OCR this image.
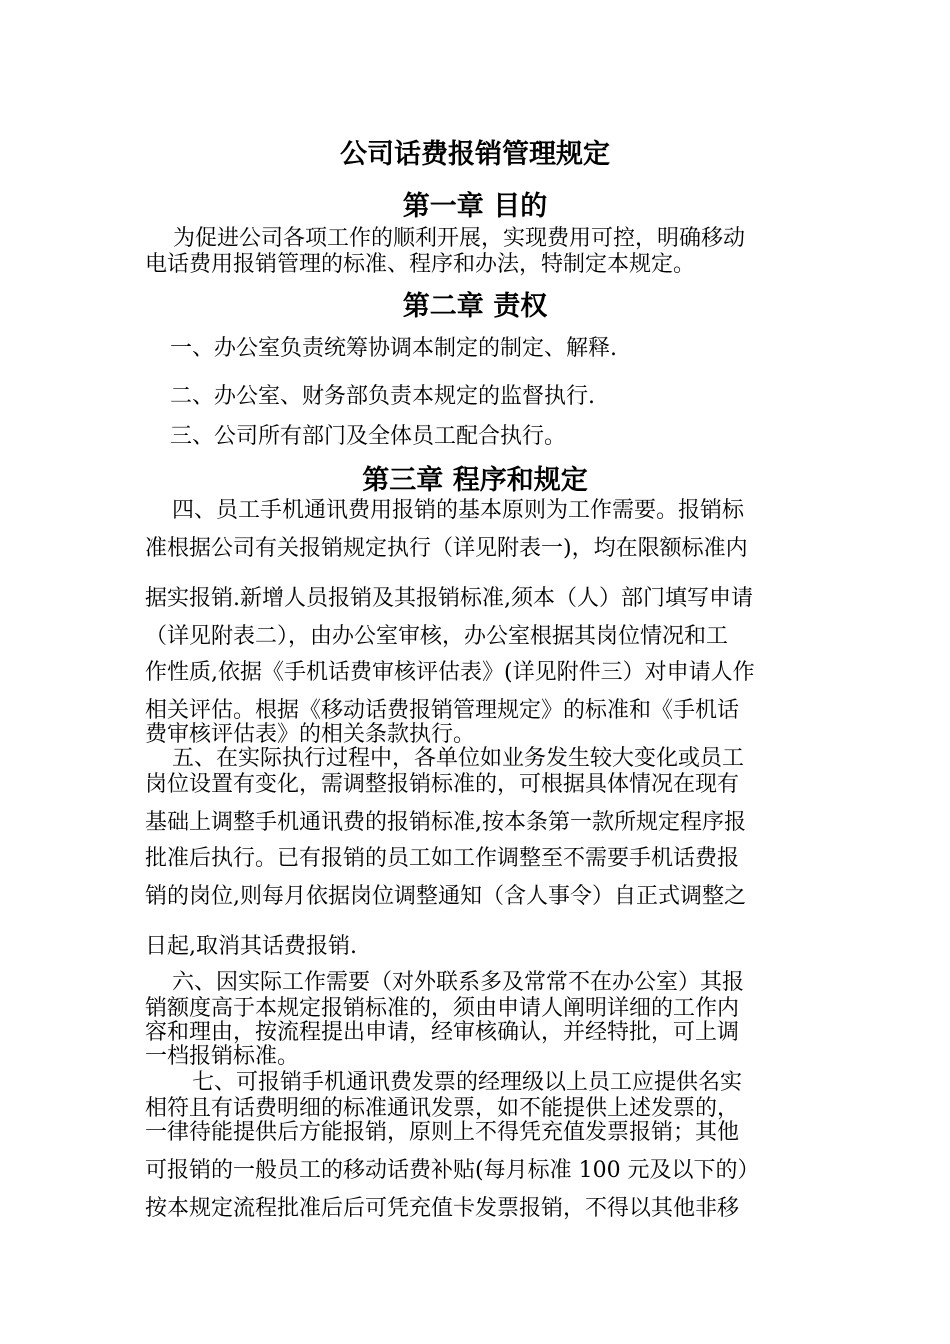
公司话费报销管理规定
第一章 目的
为促进公司各项工作的顺利开展，实现费用可控，明确移动
电话费用报销管理的标准、程序和办法，特制定本规定。
第二章 责权
一、办公室负责统筹协调本制定的制定、解释.
二、办公室、财务部负责本规定的监督执行.
三、公司所有部门及全体员工配合执行。
第三章 程序和规定
四、员工手机通讯费用报销的基本原则为工作需要。报销标
准根据公司有关报销规定执行（详见附表一)，均在限额标准内
据实报销.新增人员报销及其报销标准,须本（人）部门填写申请
（详见附表二），由办公室审核，办公室根据其岗位情况和工
作性质,依据《手机话费审核评估表》(详见附件三）对申请人作
相关评估。根据《移动话费报销管理规定》的标准和《手机话
费审核评估表》的相关条款执行。
五、在实际执行过程中，各单位如业务发生较大变化或员工
岗位设置有变化，需调整报销标准的，可根据具体情况在现有
基础上调整手机通讯费的报销标准,按本条第一款所规定程序报
批准后执行。已有报销的员工如工作调整至不需要手机话费报
销的岗位,则每月依据岗位调整通知（含人事令）自正式调整之
日起,取消其话费报销.
六、因实际工作需要（对外联系多及常常不在办公室）其报
销额度高于本规定报销标准的，须由申请人阐明详细的工作内
容和理由，按流程提出申请，经审核确认，并经特批，可上调
一档报销标准。
七、可报销手机通讯费发票的经理级以上员工应提供名实
相符且有话费明细的标准通讯发票，如不能提供上述发票的，
一律待能提供后方能报销，原则上不得凭充值发票报销；其他
可报销的一般员工的移动话费补贴(每月标准 100 元及以下的）
按本规定流程批准后后可凭充值卡发票报销，不得以其他非移
